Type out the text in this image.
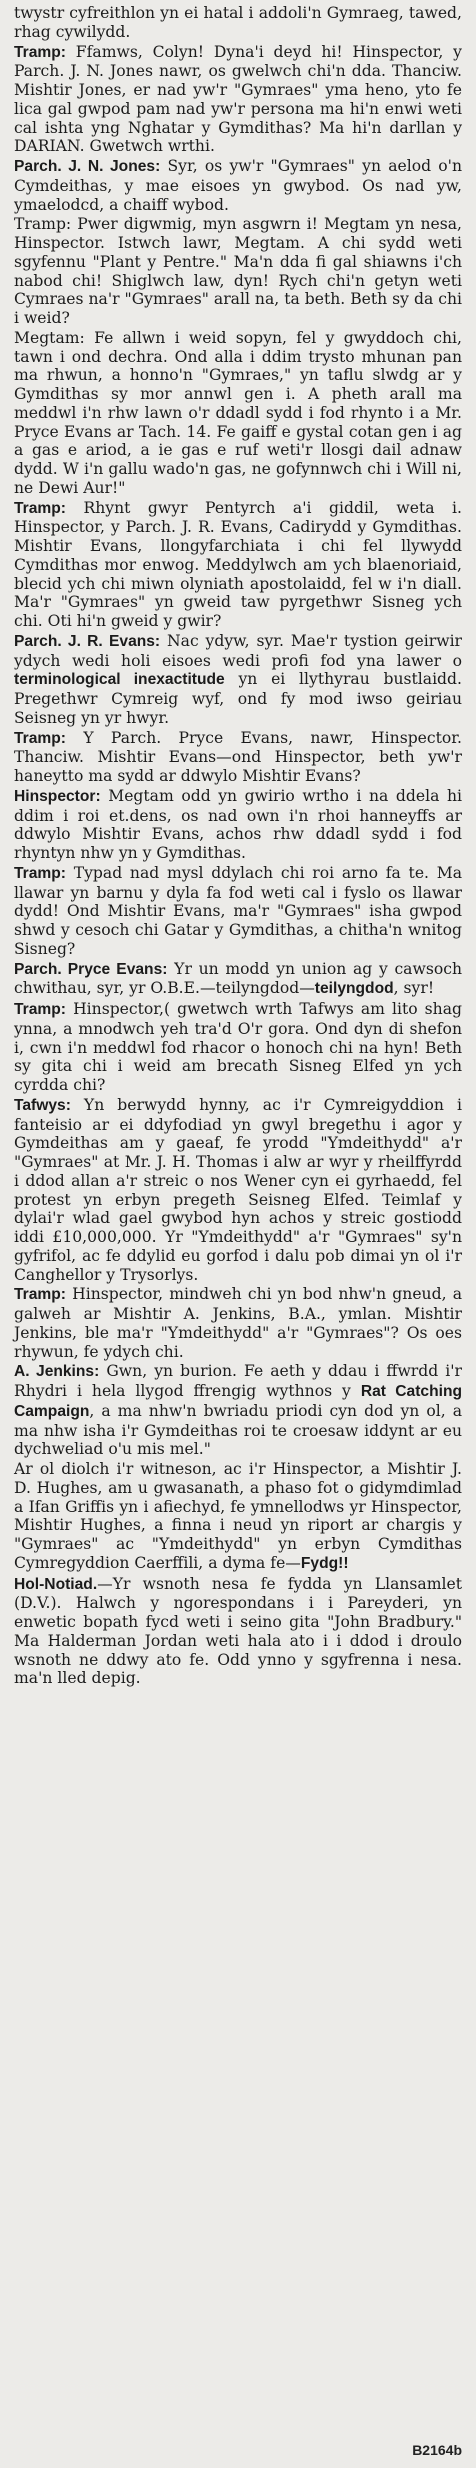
twystr cyfreithlon yn ei hatal i addoli'n Gymraeg, tawed, rhag cywilydd.

Tramp: Ffamws, Colyn! Dyna'i deyd hi! Hinspector, y Parch. J. N. Jones nawr, os gwelwch chi'n dda. Thanciw. Mishtir Jones, er nad yw'r "Gymraes" yma heno, yto fe lica gal gwpod pam nad yw'r persona ma hi'n enwi weti cal ishta yng Nghatar y Gymdithas? Ma hi'n darllan y DARIAN. Gwetwch wrthi.

Parch. J. N. Jones: Syr, os yw'r "Gymraes" yn aelod o'n Cymdeithas, y mae eisoes yn gwybod. Os nad yw, ymaelodcd, a chaiff wybod.

Tramp: Pwer digwmig, myn asgwrn i! Megtam yn nesa, Hinspector. Istwch lawr, Megtam. A chi sydd weti sgyfennu "Plant y Pentre." Ma'n dda fi gal shiawns i'ch nabod chi! Shiglwch law, dyn! Rych chi'n getyn weti Cymraes na'r "Gymraes" arall na, ta beth. Beth sy da chi i weid?

Megtam: Fe allwn i weid sopyn, fel y gwyddoch chi, tawn i ond dechra. Ond alla i ddim trysto mhunan pan ma rhwun, a honno'n "Gymraes," yn taflu slwdg ar y Gymdithas sy mor annwl gen i. A pheth arall ma meddwl i'n rhw lawn o'r ddadl sydd i fod rhynto i a Mr. Pryce Evans ar Tach. 14. Fe gaiff e gystal cotan gen i ag a gas e ariod, a ie gas e ruf weti'r llosgi dail adnaw dydd. W i'n gallu wado'n gas, ne gofynnwch chi i Will ni, ne Dewi Aur!"

Tramp: Rhynt gwyr Pentyrch a'i giddil, weta i. Hinspector, y Parch. J. R. Evans, Cadirydd y Gymdithas. Mishtir Evans, llongyfarchiata i chi fel llywydd Cymdithas mor enwog. Meddylwch am ych blaenoriaid, blecid ych chi miwn olyniath apostolaidd, fel w i'n diall. Ma'r "Gymraes" yn gweid taw pyrgethwr Sisneg ych chi. Oti hi'n gweid y gwir?

Parch. J. R. Evans: Nac ydyw, syr. Mae'r tystion geirwir ydych wedi holi eisoes wedi profi fod yna lawer o terminological inexactitude yn ei llythyrau bustlaidd. Pregethwr Cymreig wyf, ond fy mod iwso geiriau Seisneg yn yr hwyr.

Tramp: Y Parch. Pryce Evans, nawr, Hinspector. Thanciw. Mishtir Evans—ond Hinspector, beth yw'r haneytto ma sydd ar ddwylo Mishtir Evans?

Hinspector: Megtam odd yn gwirio wrtho i na ddela hi ddim i roi et.dens, os nad own i'n rhoi hanneyffs ar ddwylo Mishtir Evans, achos rhw ddadl sydd i fod rhyntyn nhw yn y Gymdithas.

Tramp: Typad nad mysl ddylach chi roi arno fa te. Ma llawar yn barnu y dyla fa fod weti cal i fyslo os llawar dydd! Ond Mishtir Evans, ma'r "Gymraes" isha gwpod shwd y cesoch chi Gatar y Gymdithas, a chitha'n wnitog Sisneg?

Parch. Pryce Evans: Yr un modd yn union ag y cawsoch chwithau, syr, yr O.B.E.—teilyngdod—teilyngdod, syr!

Tramp: Hinspector,( gwetwch wrth Tafwys am lito shag ynna, a mnodwch yeh tra'd O'r gora. Ond dyn di shefon i, cwn i'n meddwl fod rhacor o honoch chi na hyn! Beth sy gita chi i weid am brecath Sisneg Elfed yn ych cyrdda chi?

Tafwys: Yn berwydd hynny, ac i'r Cymreigyddion i fanteisio ar ei ddyfodiad yn gwyl bregethu i agor y Gymdeithas am y gaeaf, fe yrodd "Ymdeithydd" a'r "Gymraes" at Mr. J. H. Thomas i alw ar wyr y rheilffyrdd i ddod allan a'r streic o nos Wener cyn ei gyrhaedd, fel protest yn erbyn pregeth Seisneg Elfed. Teimlaf y dylai'r wlad gael gwybod hyn achos y streic gostiodd iddi £10,000,000. Yr "Ymdeithydd" a'r "Gymraes" sy'n gyfrifol, ac fe ddylid eu gorfod i dalu pob dimai yn ol i'r Canghellor y Trysorlys.

Tramp: Hinspector, mindweh chi yn bod nhw'n gneud, a galweh ar Mishtir A. Jenkins, B.A., ymlan. Mishtir Jenkins, ble ma'r "Ymdeithydd" a'r "Gymraes"? Os oes rhywun, fe ydych chi.

A. Jenkins: Gwn, yn burion. Fe aeth y ddau i ffwrdd i'r Rhydri i hela llygod ffrengig wythnos y Rat Catching Campaign, a ma nhw'n bwriadu priodi cyn dod yn ol, a ma nhw isha i'r Gymdeithas roi te croesaw iddynt ar eu dychweliad o'u mis mel."

Ar ol diolch i'r witneson, ac i'r Hinspector, a Mishtir J. D. Hughes, am u gwasanath, a phaso fot o gidymdimlad a Ifan Griffis yn i afiechyd, fe ymnellodws yr Hinspector, Mishtir Hughes, a finna i neud yn riport ar chargis y "Gymraes" ac "Ymdeithydd" yn erbyn Cymdithas Cymregyddion Caerffili, a dyma fe—Fydg!!

Hol-Notiad.—Yr wsnoth nesa fe fydda yn Llansamlet (D.V.). Halwch y ngorespondans i i Pareyderi, yn enwetic bopath fycd weti i seino gita "John Bradbury." Ma Halderman Jordan weti hala ato i i ddod i droulo wsnoth ne ddwy ato fe. Odd ynno y sgyfrenna i nesa. ma'n lled depig.

B2164b
